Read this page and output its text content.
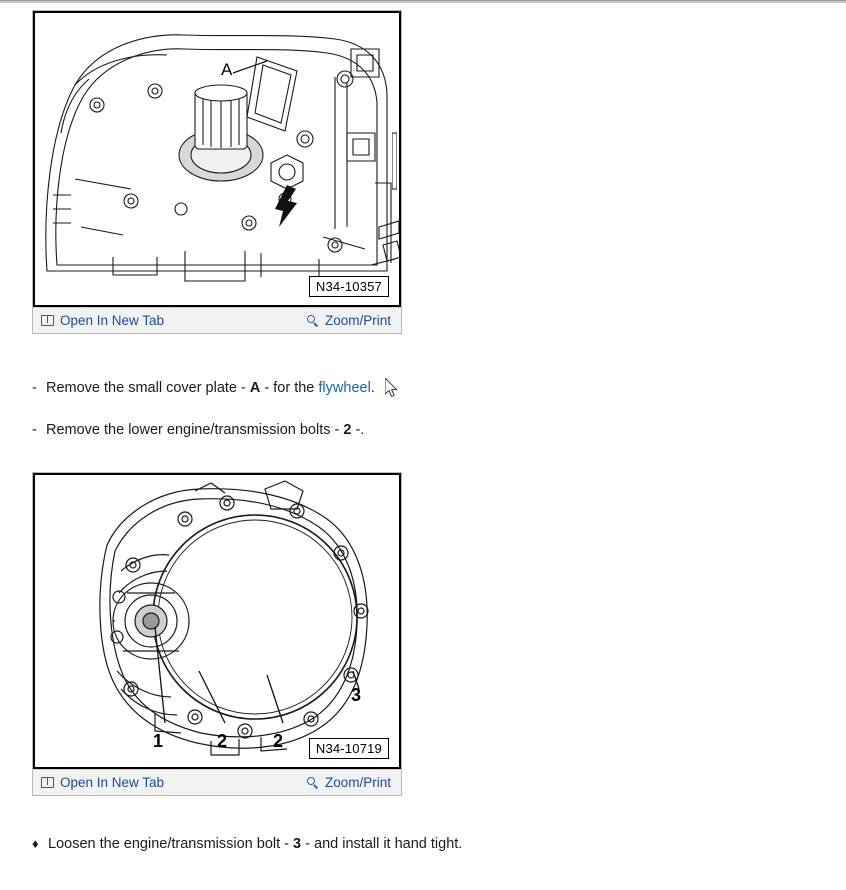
A
N34-10357
Open In New Tab	Zoom/Print
- Remove the small cover plate - A - for the flywheel.
- Remove the lower engine/transmission bolts - 2 -.
1	2	2
3
N34-10719
Open In New Tab	Zoom/Print
♦ Loosen the engine/transmission bolt - 3 - and install it hand tight.
